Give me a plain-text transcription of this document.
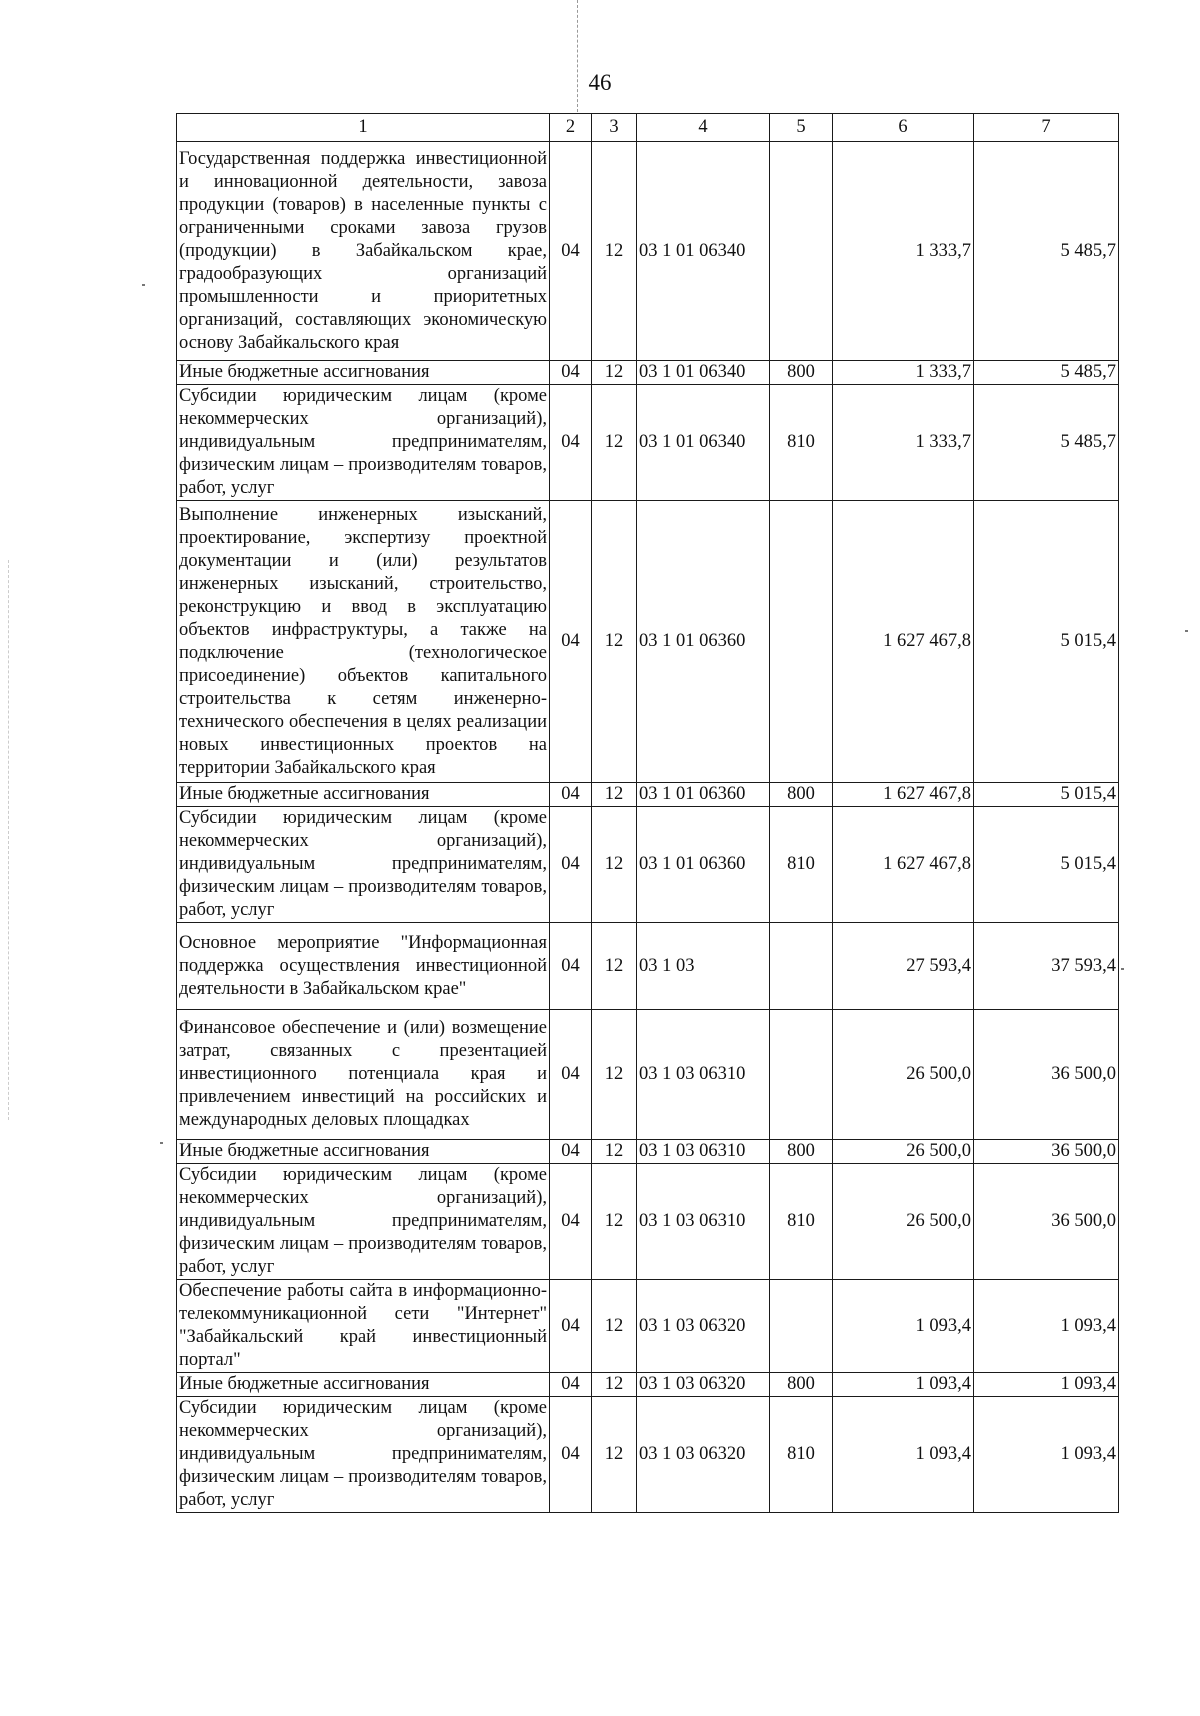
46
1	2	3	4	5	6	7
Государственная поддержка инвестиционной и инновационной деятельности, завоза продукции (товаров) в населенные пункты с ограниченными сроками завоза грузов (продукции) в Забайкальском крае, градообразующих организаций промышленности и приоритетных организаций, составляющих экономическую основу Забайкальского края	04	12	03 1 01 06340		1 333,7	5 485,7
Иные бюджетные ассигнования	04	12	03 1 01 06340	800	1 333,7	5 485,7
Субсидии юридическим лицам (кроме некоммерческих организаций), индивидуальным предпринимателям, физическим лицам – производителям товаров, работ, услуг	04	12	03 1 01 06340	810	1 333,7	5 485,7
Выполнение инженерных изысканий, проектирование, экспертизу проектной документации и (или) результатов инженерных изысканий, строительство, реконструкцию и ввод в эксплуатацию объектов инфраструктуры, а также на подключение (технологическое присоединение) объектов капитального строительства к сетям инженерно-технического обеспечения в целях реализации новых инвестиционных проектов на территории Забайкальского края	04	12	03 1 01 06360		1 627 467,8	5 015,4
Иные бюджетные ассигнования	04	12	03 1 01 06360	800	1 627 467,8	5 015,4
Субсидии юридическим лицам (кроме некоммерческих организаций), индивидуальным предпринимателям, физическим лицам – производителям товаров, работ, услуг	04	12	03 1 01 06360	810	1 627 467,8	5 015,4
Основное мероприятие "Информационная поддержка осуществления инвестиционной деятельности в Забайкальском крае"	04	12	03 1 03		27 593,4	37 593,4
Финансовое обеспечение и (или) возмещение затрат, связанных с презентацией инвестиционного потенциала края и привлечением инвестиций на российских и международных деловых площадках	04	12	03 1 03 06310		26 500,0	36 500,0
Иные бюджетные ассигнования	04	12	03 1 03 06310	800	26 500,0	36 500,0
Субсидии юридическим лицам (кроме некоммерческих организаций), индивидуальным предпринимателям, физическим лицам – производителям товаров, работ, услуг	04	12	03 1 03 06310	810	26 500,0	36 500,0
Обеспечение работы сайта в информационно-телекоммуникационной сети "Интернет" "Забайкальский край инвестиционный портал"	04	12	03 1 03 06320		1 093,4	1 093,4
Иные бюджетные ассигнования	04	12	03 1 03 06320	800	1 093,4	1 093,4
Субсидии юридическим лицам (кроме некоммерческих организаций), индивидуальным предпринимателям, физическим лицам – производителям товаров, работ, услуг	04	12	03 1 03 06320	810	1 093,4	1 093,4
